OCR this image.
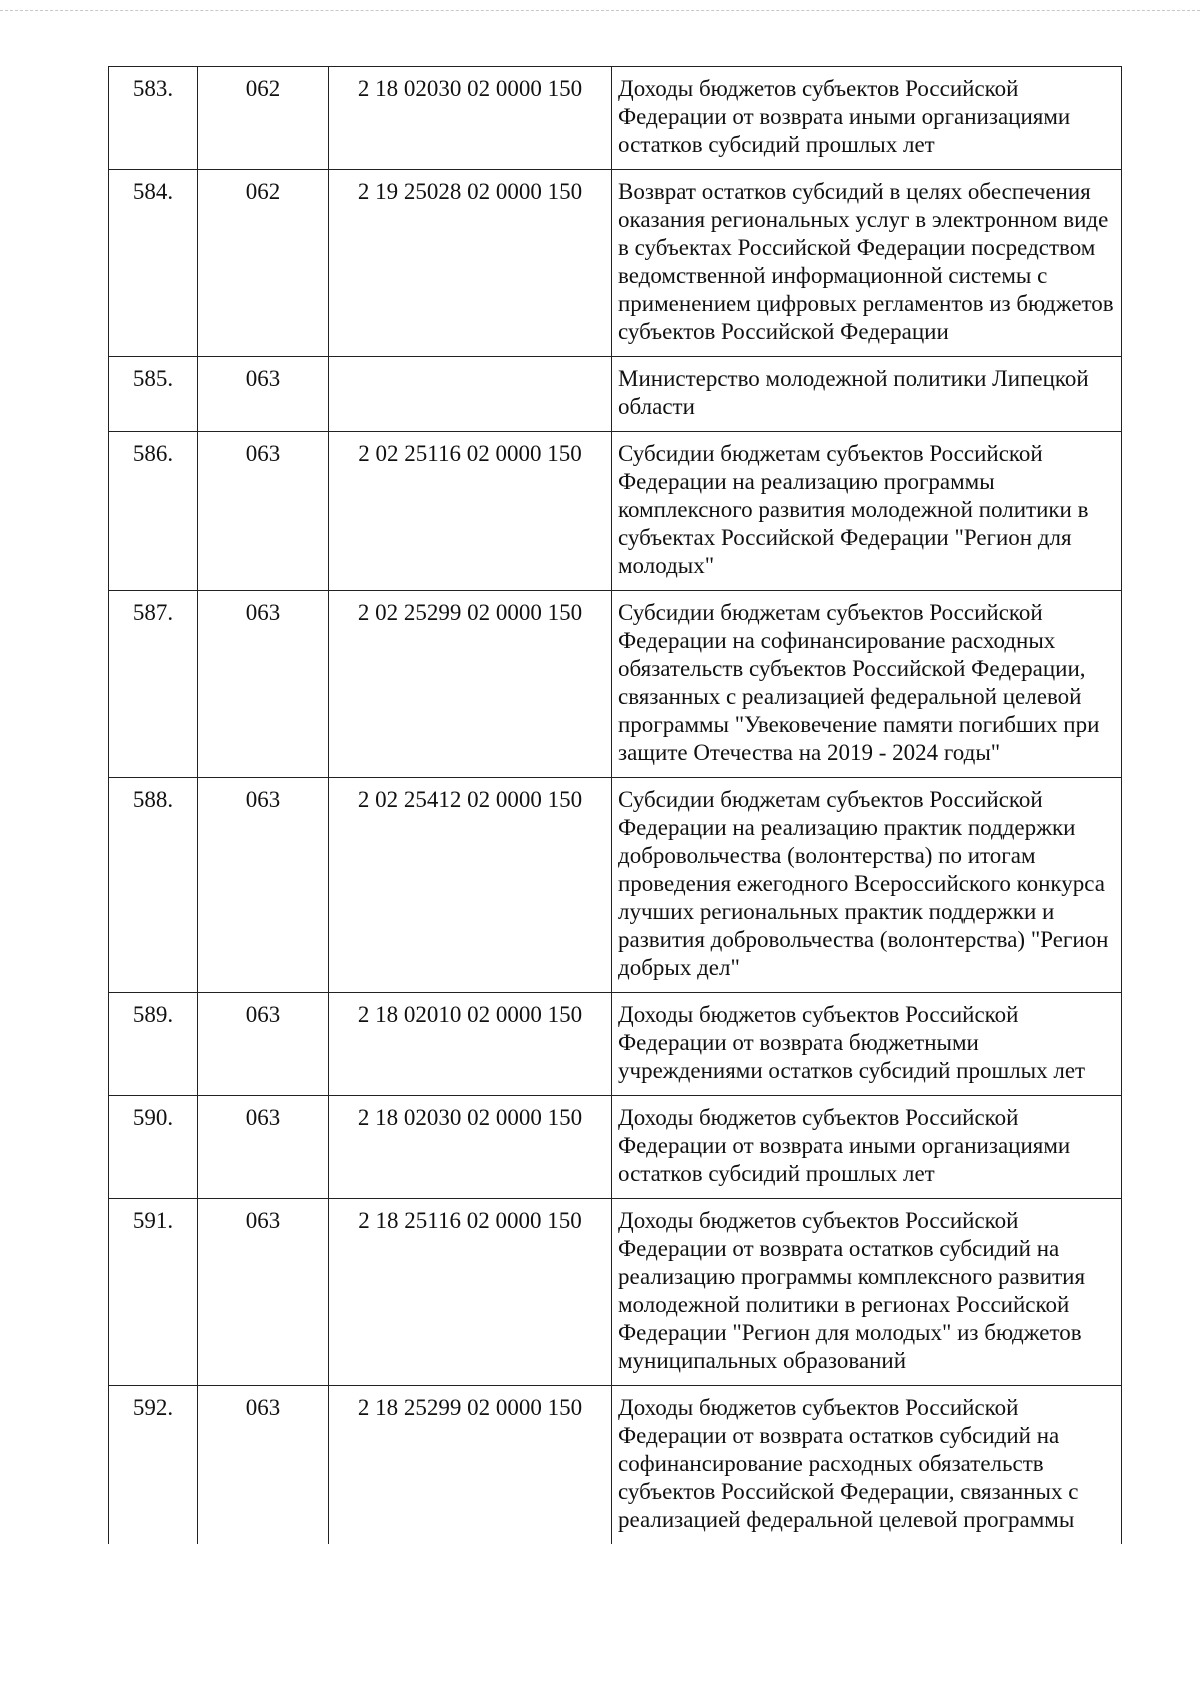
583.	062	2 18 02030 02 0000 150	Доходы бюджетов субъектов Российской Федерации от возврата иными организациями остатков субсидий прошлых лет
584.	062	2 19 25028 02 0000 150	Возврат остатков субсидий в целях обеспечения оказания региональных услуг в электронном виде в субъектах Российской Федерации посредством ведомственной информационной системы с применением цифровых регламентов из бюджетов субъектов Российской Федерации
585.	063		Министерство молодежной политики Липецкой области
586.	063	2 02 25116 02 0000 150	Субсидии бюджетам субъектов Российской Федерации на реализацию программы комплексного развития молодежной политики в субъектах Российской Федерации "Регион для молодых"
587.	063	2 02 25299 02 0000 150	Субсидии бюджетам субъектов Российской Федерации на софинансирование расходных обязательств субъектов Российской Федерации, связанных с реализацией федеральной целевой программы "Увековечение памяти погибших при защите Отечества на 2019 - 2024 годы"
588.	063	2 02 25412 02 0000 150	Субсидии бюджетам субъектов Российской Федерации на реализацию практик поддержки добровольчества (волонтерства) по итогам проведения ежегодного Всероссийского конкурса лучших региональных практик поддержки и развития добровольчества (волонтерства) "Регион добрых дел"
589.	063	2 18 02010 02 0000 150	Доходы бюджетов субъектов Российской Федерации от возврата бюджетными учреждениями остатков субсидий прошлых лет
590.	063	2 18 02030 02 0000 150	Доходы бюджетов субъектов Российской Федерации от возврата иными организациями остатков субсидий прошлых лет
591.	063	2 18 25116 02 0000 150	Доходы бюджетов субъектов Российской Федерации от возврата остатков субсидий на реализацию программы комплексного развития молодежной политики в регионах Российской Федерации "Регион для молодых" из бюджетов муниципальных образований
592.	063	2 18 25299 02 0000 150	Доходы бюджетов субъектов Российской Федерации от возврата остатков субсидий на софинансирование расходных обязательств субъектов Российской Федерации, связанных с реализацией федеральной целевой программы
